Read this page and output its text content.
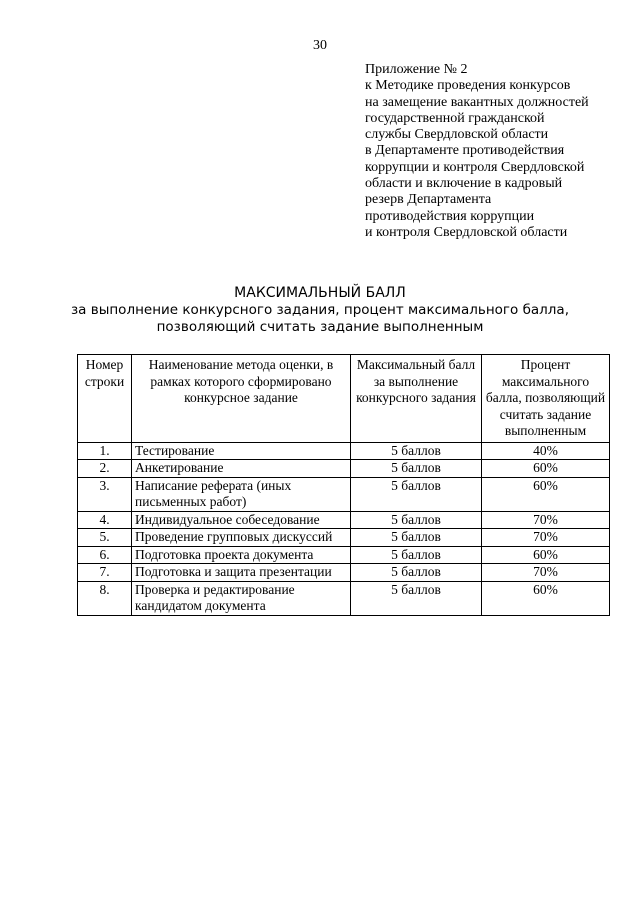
30
Приложение № 2
к Методике проведения конкурсов
на замещение вакантных должностей
государственной гражданской
службы Свердловской области
в Департаменте противодействия
коррупции и контроля Свердловской
области и включение в кадровый
резерв Департамента
противодействия коррупции
и контроля Свердловской области
МАКСИМАЛЬНЫЙ БАЛЛ
за выполнение конкурсного задания, процент максимального балла,
позволяющий считать задание выполненным
Номер
строки	Наименование метода оценки, в рамках которого сформировано конкурсное задание	Максимальный балл за выполнение конкурсного задания	Процент максимального балла, позволяющий считать задание выполненным
1.	Тестирование	5 баллов	40%
2.	Анкетирование	5 баллов	60%
3.	Написание реферата (иных письменных работ)	5 баллов	60%
4.	Индивидуальное собеседование	5 баллов	70%
5.	Проведение групповых дискуссий	5 баллов	70%
6.	Подготовка проекта документа	5 баллов	60%
7.	Подготовка и защита презентации	5 баллов	70%
8.	Проверка и редактирование кандидатом документа	5 баллов	60%
